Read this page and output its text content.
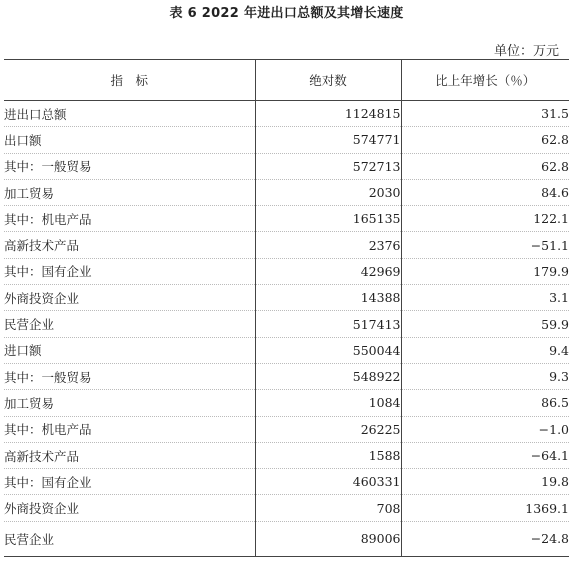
表 6 2022 年进出口总额及其增长速度
单位：万元
指　标	绝对数	比上年增长（％）
进出口总额	1124815	31.5
出口额	574771	62.8
其中：一般贸易	572713	62.8
加工贸易	2030	84.6
其中：机电产品	165135	122.1
高新技术产品	2376	−51.1
其中：国有企业	42969	179.9
外商投资企业	14388	3.1
民营企业	517413	59.9
进口额	550044	9.4
其中：一般贸易	548922	9.3
加工贸易	1084	86.5
其中：机电产品	26225	−1.0
高新技术产品	1588	−64.1
其中：国有企业	460331	19.8
外商投资企业	708	1369.1
民营企业	89006	−24.8
